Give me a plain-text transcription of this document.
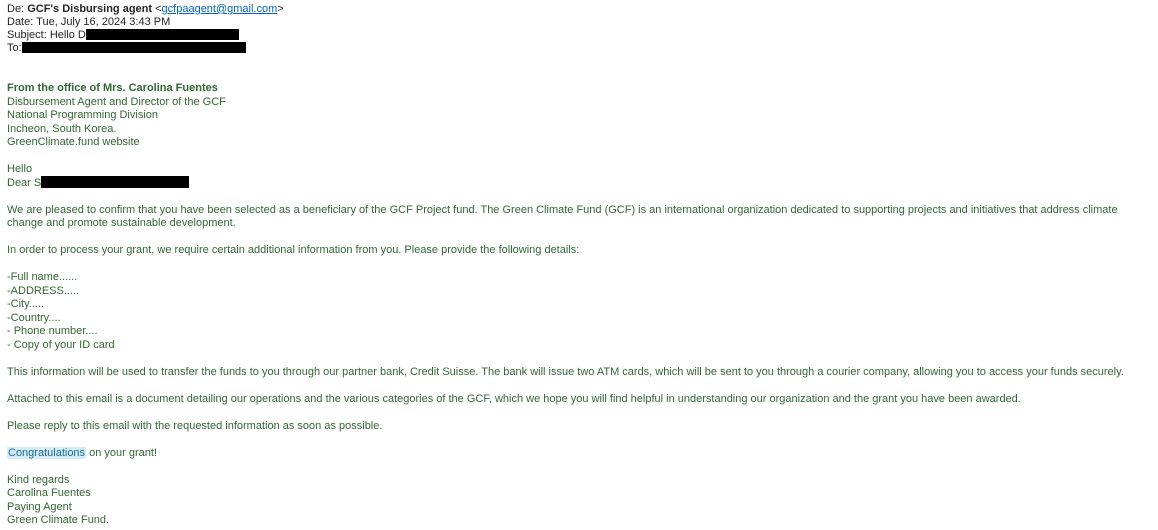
De: GCF's Disbursing agent <gcfpaagent@gmail.com>
Date: Tue, July 16, 2024 3:43 PM
Subject: Hello D
To:
From the office of Mrs. Carolina Fuentes
Disbursement Agent and Director of the GCF
National Programming Division
Incheon, South Korea.
GreenClimate.fund website
Hello
Dear S

We are pleased to confirm that you have been selected as a beneficiary of the GCF Project fund. The Green Climate Fund (GCF) is an international organization dedicated to supporting projects and initiatives that address climate change and promote sustainable development.

In order to process your grant, we require certain additional information from you. Please provide the following details:

-Full name......
-ADDRESS.....
-City.....
-Country....
- Phone number....
- Copy of your ID card

This information will be used to transfer the funds to you through our partner bank, Credit Suisse. The bank will issue two ATM cards, which will be sent to you through a courier company, allowing you to access your funds securely.

Attached to this email is a document detailing our operations and the various categories of the GCF, which we hope you will find helpful in understanding our organization and the grant you have been awarded.

Please reply to this email with the requested information as soon as possible.

Congratulations on your grant!

Kind regards
Carolina Fuentes
Paying Agent
Green Climate Fund.
